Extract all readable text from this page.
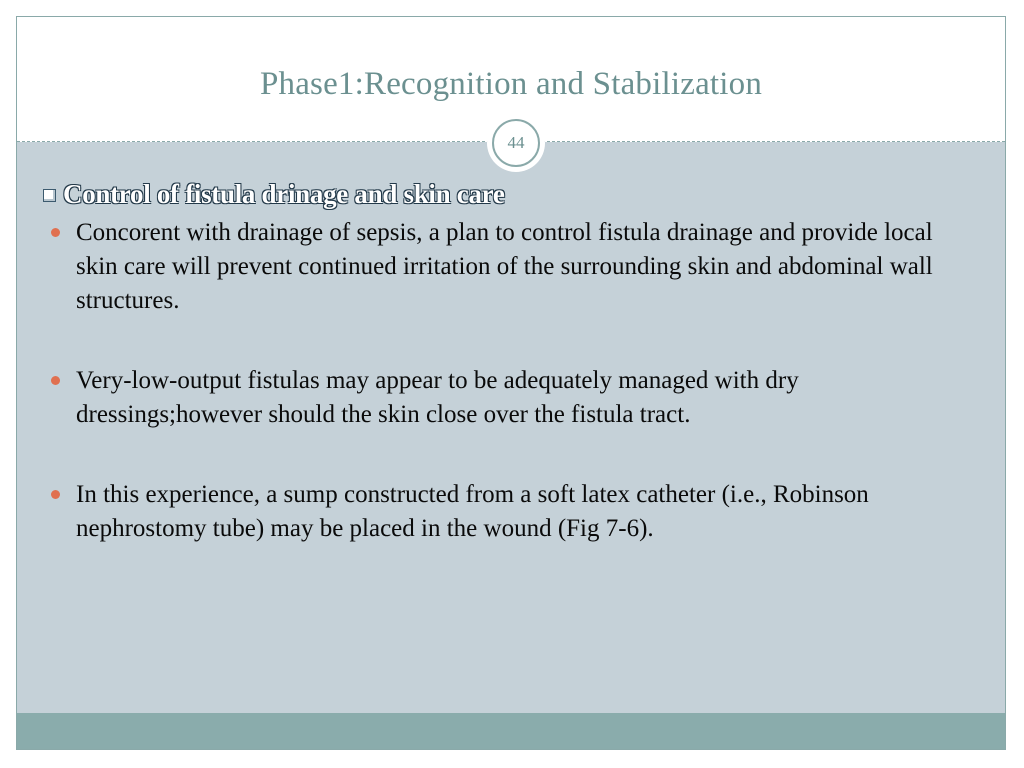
Phase1:Recognition and Stabilization
44
Control of fistula drinage and skin care
Concorent with drainage of sepsis, a plan to control fistula drainage and provide local skin care will prevent continued irritation of the surrounding skin and abdominal wall structures.
Very-low-output fistulas may appear to be adequately managed with dry dressings;however should the skin close over the fistula tract.
In this experience, a sump constructed from a soft latex catheter (i.e., Robinson nephrostomy tube) may be placed in the wound (Fig 7-6).
